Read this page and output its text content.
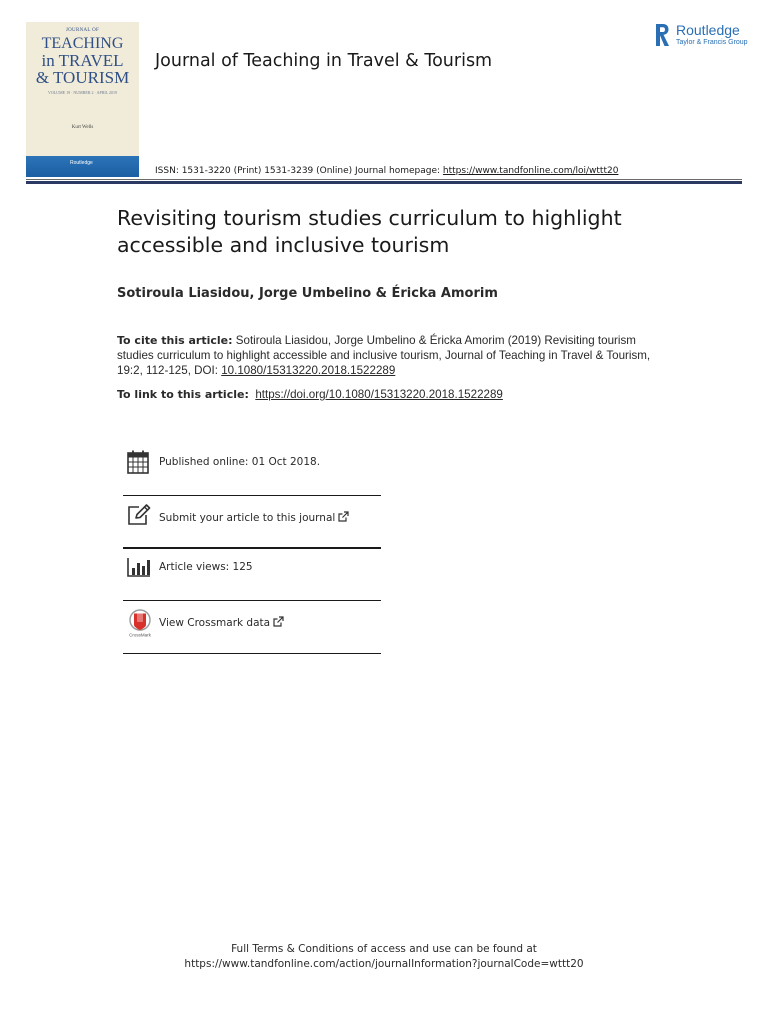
JOURNAL OF
TEACHING
in TRAVEL
& TOURISM
VOLUME 19 · NUMBER 2 · APRIL 2019
Kurt Wells
Routledge
Journal of Teaching in Travel & Tourism
Routledge
Taylor & Francis Group
ISSN: 1531-3220 (Print) 1531-3239 (Online) Journal homepage: https://www.tandfonline.com/loi/wttt20
Revisiting tourism studies curriculum to highlight accessible and inclusive tourism
Sotiroula Liasidou, Jorge Umbelino & Éricka Amorim
To cite this article: Sotiroula Liasidou, Jorge Umbelino & Éricka Amorim (2019) Revisiting tourism studies curriculum to highlight accessible and inclusive tourism, Journal of Teaching in Travel & Tourism, 19:2, 112-125, DOI: 10.1080/15313220.2018.1522289
To link to this article: https://doi.org/10.1080/15313220.2018.1522289
Published online: 01 Oct 2018.
Submit your article to this journal
Article views: 125
CrossMark
View Crossmark data
Full Terms & Conditions of access and use can be found at
https://www.tandfonline.com/action/journalInformation?journalCode=wttt20
